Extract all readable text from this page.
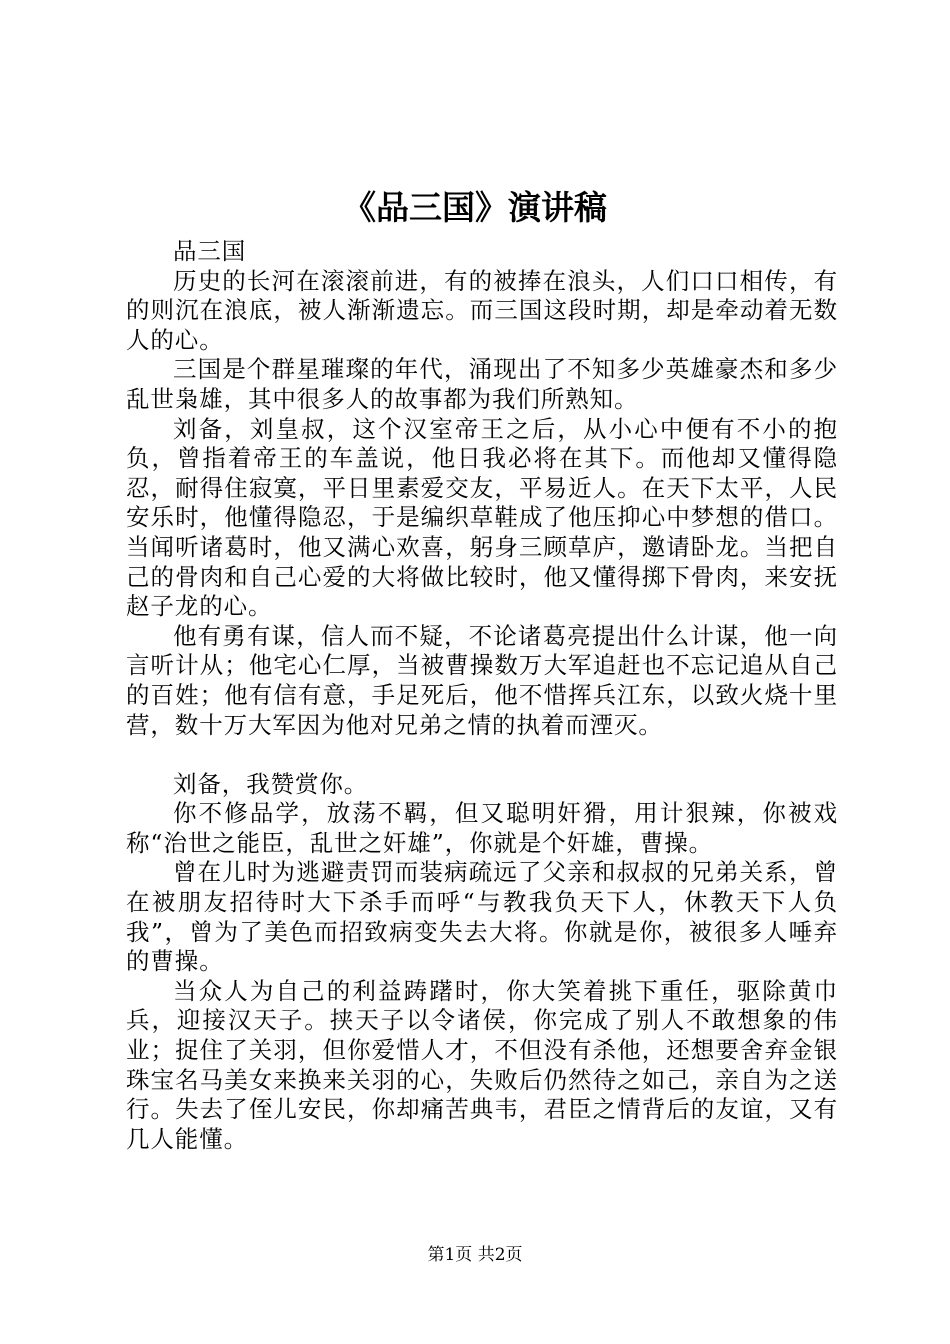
《品三国》演讲稿

品三国

历史的长河在滚滚前进，有的被捧在浪头，人们口口相传，有的则沉在浪底，被人渐渐遗忘。而三国这段时期，却是牵动着无数人的心。

三国是个群星璀璨的年代，涌现出了不知多少英雄豪杰和多少乱世枭雄，其中很多人的故事都为我们所熟知。

刘备，刘皇叔，这个汉室帝王之后，从小心中便有不小的抱负，曾指着帝王的车盖说，他日我必将在其下。而他却又懂得隐忍，耐得住寂寞，平日里素爱交友，平易近人。在天下太平，人民安乐时，他懂得隐忍，于是编织草鞋成了他压抑心中梦想的借口。当闻听诸葛时，他又满心欢喜，躬身三顾草庐，邀请卧龙。当把自己的骨肉和自己心爱的大将做比较时，他又懂得掷下骨肉，来安抚赵子龙的心。

他有勇有谋，信人而不疑，不论诸葛亮提出什么计谋，他一向言听计从；他宅心仁厚，当被曹操数万大军追赶也不忘记追从自己的百姓；他有信有意，手足死后，他不惜挥兵江东，以致火烧十里营，数十万大军因为他对兄弟之情的执着而湮灭。

刘备，我赞赏你。

你不修品学，放荡不羁，但又聪明奸猾，用计狠辣，你被戏称“治世之能臣，乱世之奸雄”，你就是个奸雄，曹操。

曾在儿时为逃避责罚而装病疏远了父亲和叔叔的兄弟关系，曾在被朋友招待时大下杀手而呼“与教我负天下人，休教天下人负我”，曾为了美色而招致病变失去大将。你就是你，被很多人唾弃的曹操。

当众人为自己的利益踌躇时，你大笑着挑下重任，驱除黄巾兵，迎接汉天子。挟天子以令诸侯，你完成了别人不敢想象的伟业；捉住了关羽，但你爱惜人才，不但没有杀他，还想要舍弃金银珠宝名马美女来换来关羽的心，失败后仍然待之如己，亲自为之送行。失去了侄儿安民，你却痛苦典韦，君臣之情背后的友谊，又有几人能懂。

第1页 共2页
